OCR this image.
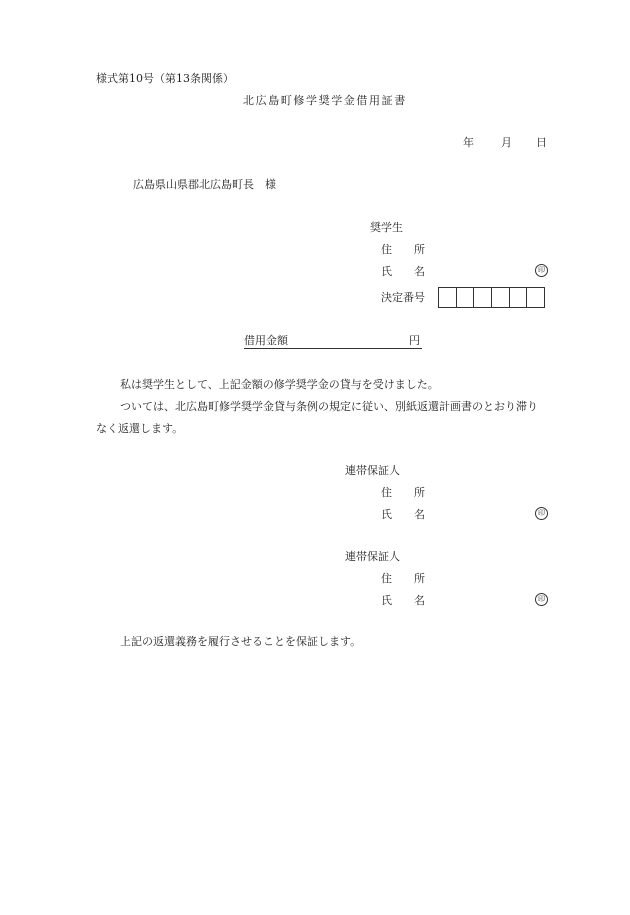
様式第10号（第13条関係）
北広島町修学奨学金借用証書
年 月 日
広島県山県郡北広島町長　様
奨学生
住　　所
氏　　名	印
決定番号
借用金額	円
私は奨学生として、上記金額の修学奨学金の貸与を受けました。
ついては、北広島町修学奨学金貸与条例の規定に従い、別紙返還計画書のとおり滞り
なく返還します。
連帯保証人
住　　所
氏　　名	印
連帯保証人
住　　所
氏　　名	印
上記の返還義務を履行させることを保証します。
